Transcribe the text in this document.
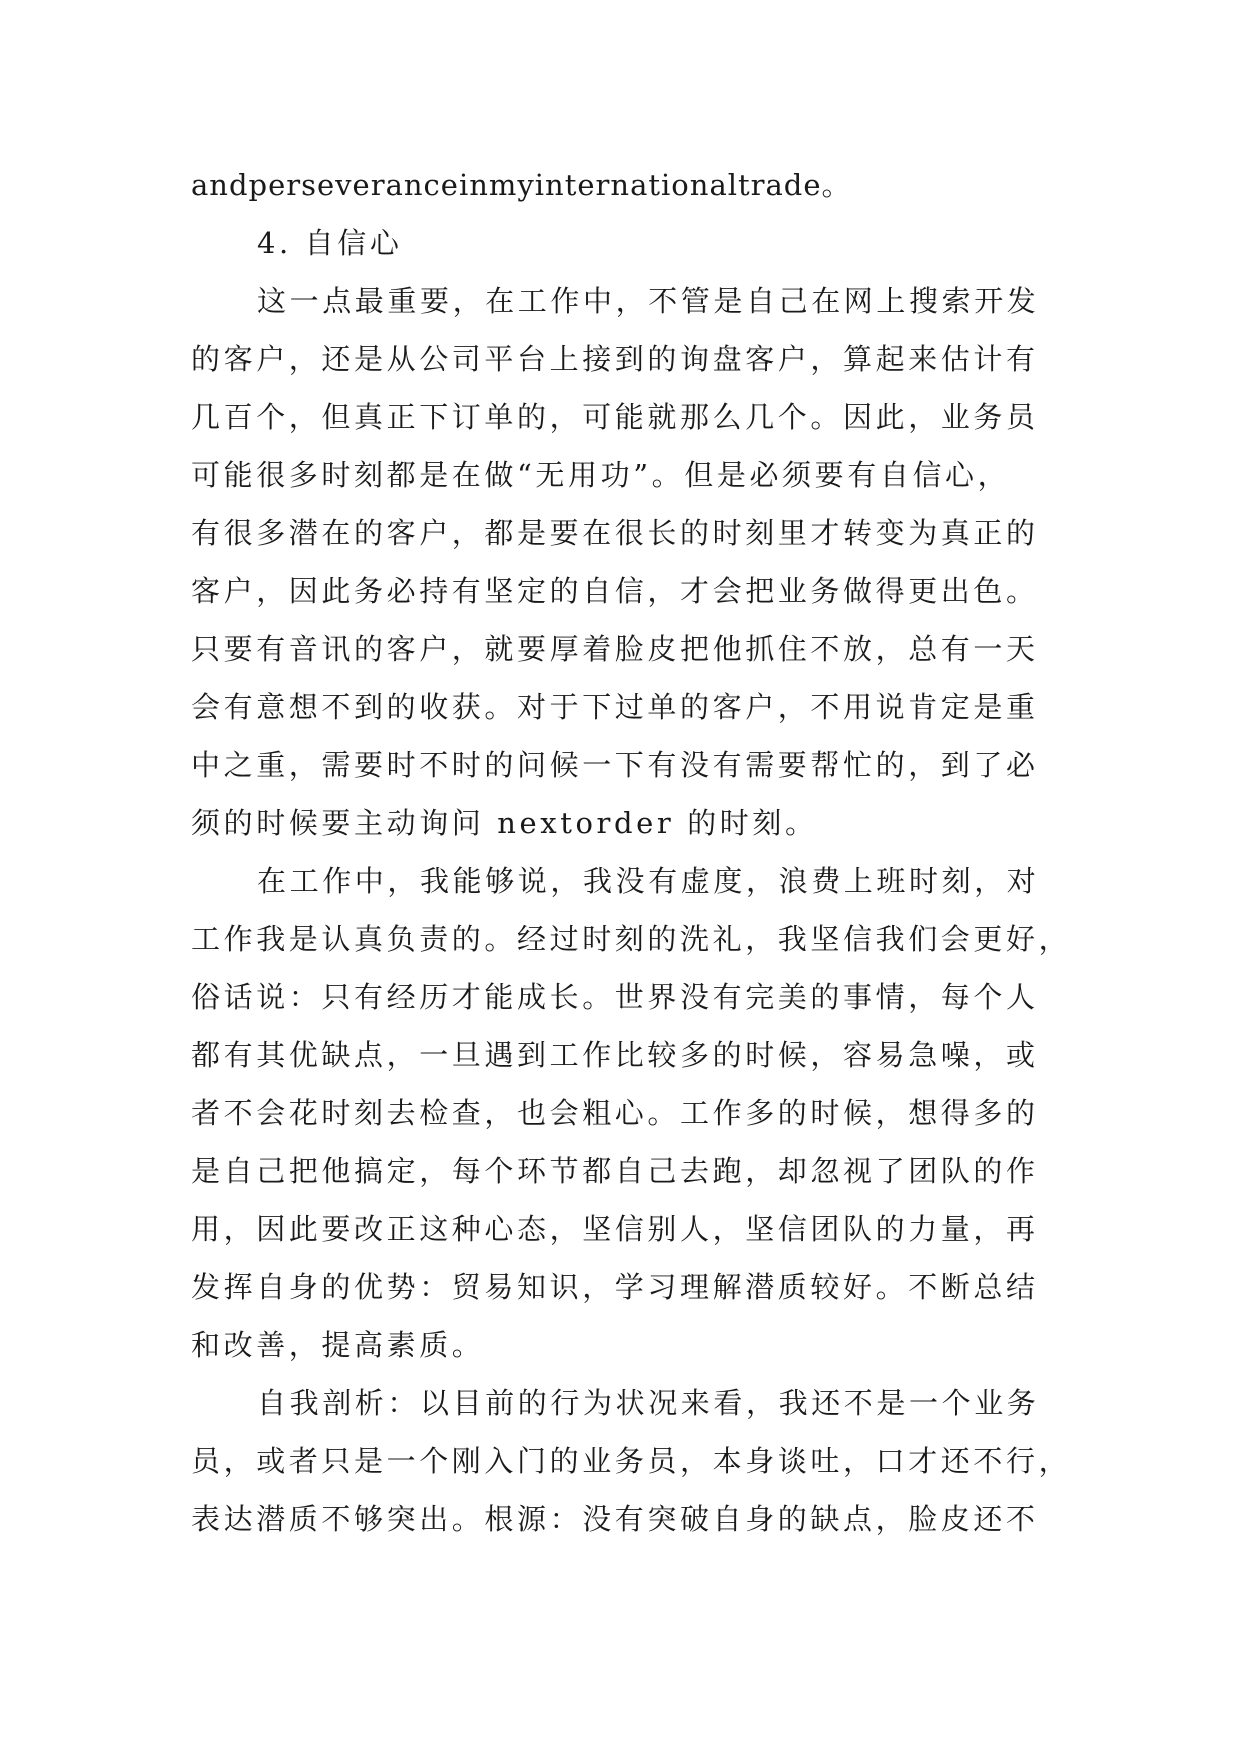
andperseveranceinmyinternationaltrade。
4. 自信心
这一点最重要，在工作中，不管是自己在网上搜索开发
的客户，还是从公司平台上接到的询盘客户，算起来估计有
几百个，但真正下订单的，可能就那么几个。因此，业务员
可能很多时刻都是在做“无用功”。但是必须要有自信心，
有很多潜在的客户，都是要在很长的时刻里才转变为真正的
客户，因此务必持有坚定的自信，才会把业务做得更出色。
只要有音讯的客户，就要厚着脸皮把他抓住不放，总有一天
会有意想不到的收获。对于下过单的客户，不用说肯定是重
中之重，需要时不时的问候一下有没有需要帮忙的，到了必
须的时候要主动询问 nextorder 的时刻。
在工作中，我能够说，我没有虚度，浪费上班时刻，对
工作我是认真负责的。经过时刻的洗礼，我坚信我们会更好，
俗话说：只有经历才能成长。世界没有完美的事情，每个人
都有其优缺点，一旦遇到工作比较多的时候，容易急噪，或
者不会花时刻去检查，也会粗心。工作多的时候，想得多的
是自己把他搞定，每个环节都自己去跑，却忽视了团队的作
用，因此要改正这种心态，坚信别人，坚信团队的力量，再
发挥自身的优势：贸易知识，学习理解潜质较好。不断总结
和改善，提高素质。
自我剖析：以目前的行为状况来看，我还不是一个业务
员，或者只是一个刚入门的业务员，本身谈吐，口才还不行，
表达潜质不够突出。根源：没有突破自身的缺点，脸皮还不
